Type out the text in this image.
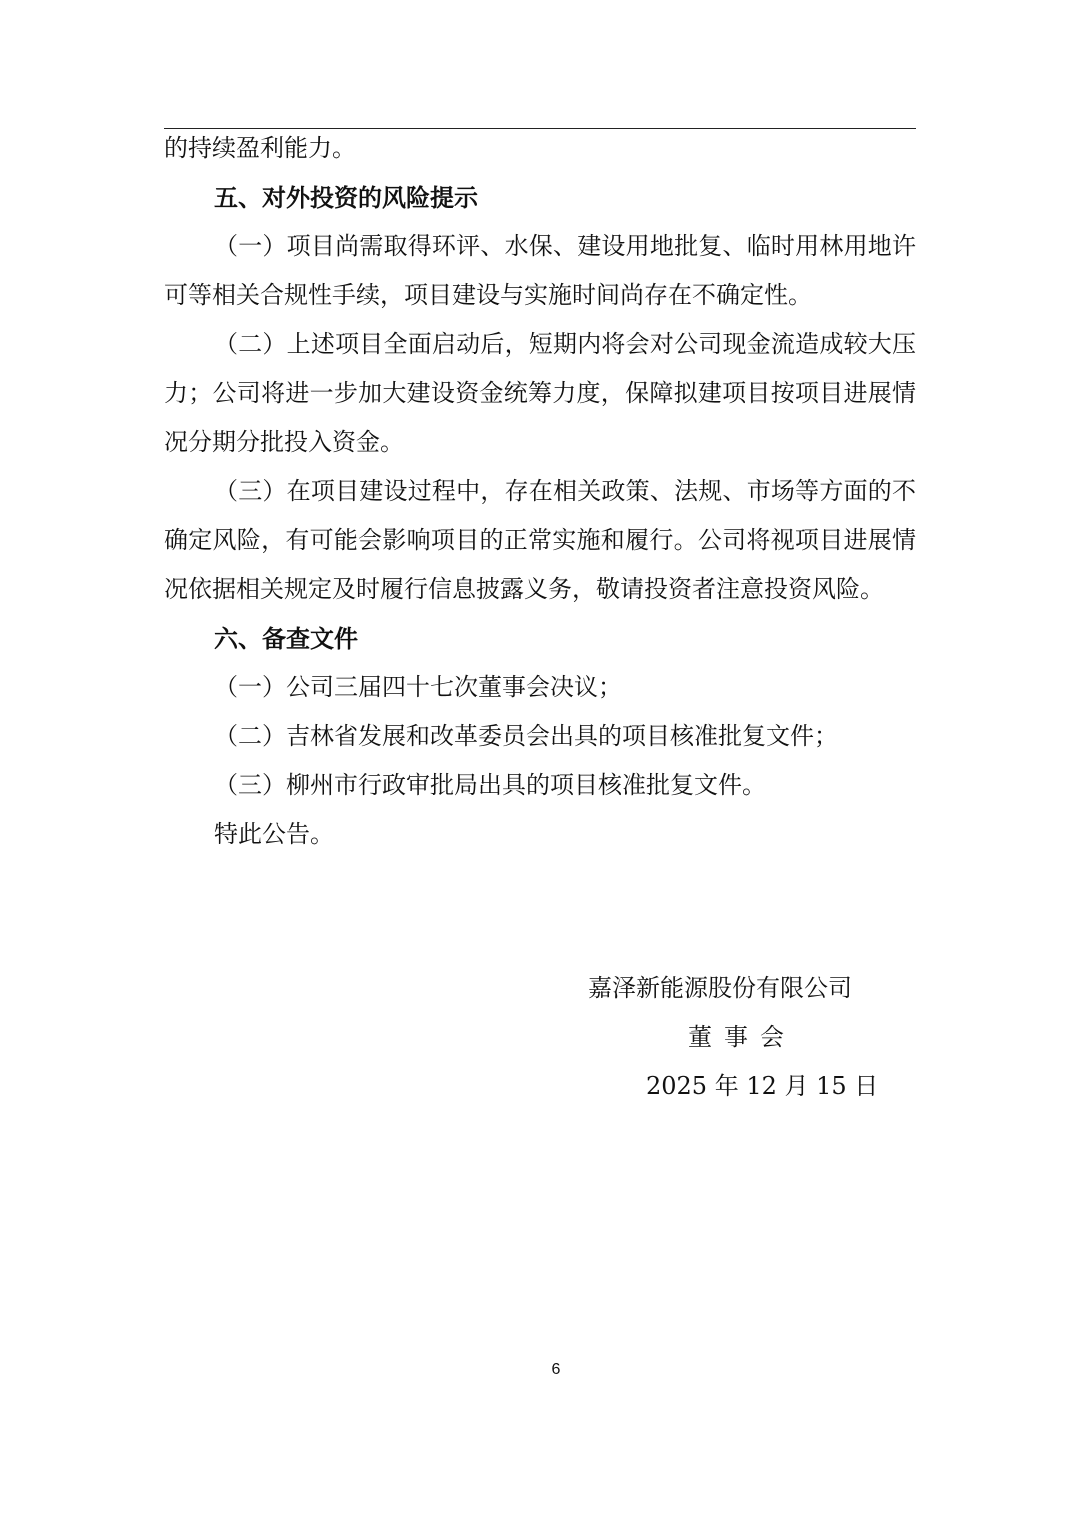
的持续盈利能力。

五、对外投资的风险提示

（一）项目尚需取得环评、水保、建设用地批复、临时用林用地许可等相关合规性手续，项目建设与实施时间尚存在不确定性。

（二）上述项目全面启动后，短期内将会对公司现金流造成较大压力；公司将进一步加大建设资金统筹力度，保障拟建项目按项目进展情况分期分批投入资金。

（三）在项目建设过程中，存在相关政策、法规、市场等方面的不确定风险，有可能会影响项目的正常实施和履行。公司将视项目进展情况依据相关规定及时履行信息披露义务，敬请投资者注意投资风险。

六、备查文件

（一）公司三届四十七次董事会决议；

（二）吉林省发展和改革委员会出具的项目核准批复文件；

（三）柳州市行政审批局出具的项目核准批复文件。

特此公告。

嘉泽新能源股份有限公司

董事会

2025 年 12 月 15 日

6
